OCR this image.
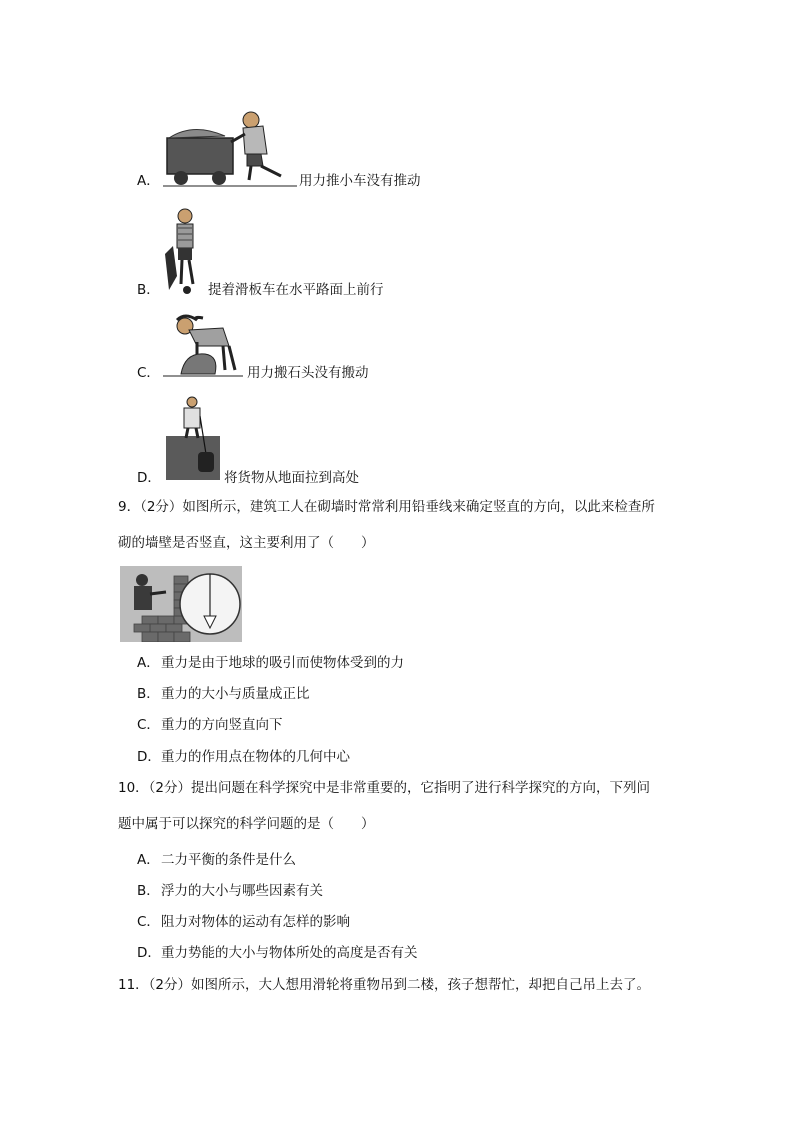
A．	用力推小车没有推动
B．	提着滑板车在水平路面上前行
C．	用力搬石头没有搬动
D．	将货物从地面拉到高处
9．（2分）如图所示，建筑工人在砌墙时常常利用铅垂线来确定竖直的方向，以此来检查所
砌的墙壁是否竖直，这主要利用了（　　）
A． 重力是由于地球的吸引而使物体受到的力
B． 重力的大小与质量成正比
C． 重力的方向竖直向下
D． 重力的作用点在物体的几何中心
10．（2分）提出问题在科学探究中是非常重要的，它指明了进行科学探究的方向，下列问
题中属于可以探究的科学问题的是（　　）
A． 二力平衡的条件是什么
B． 浮力的大小与哪些因素有关
C． 阻力对物体的运动有怎样的影响
D． 重力势能的大小与物体所处的高度是否有关
11．（2分）如图所示，大人想用滑轮将重物吊到二楼，孩子想帮忙，却把自己吊上去了。
